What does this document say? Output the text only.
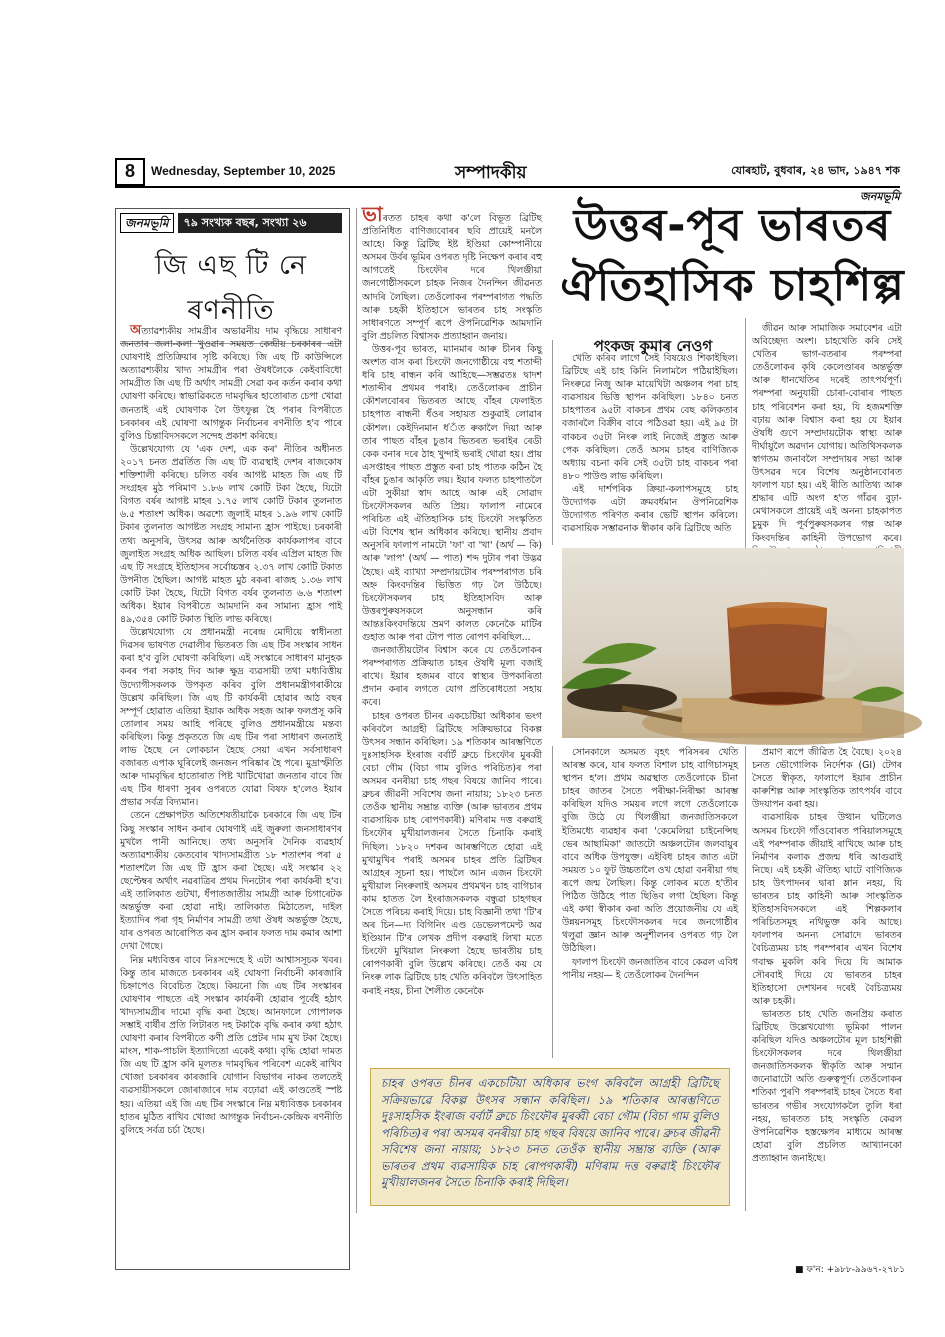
8	Wednesday, September 10, 2025	সম্পাদকীয়	যোৰহাট, বুধবাৰ, ২৪ ভাদ, ১৯৪৭ শক
জনমভূমি
জনমভূমি	৭৯ সংখ্যক বছৰ, সংখ্যা ২৬
জি এছ টি নে ৰণনীতি

অত্যাৱশ্যকীয় সামগ্ৰীৰ অভাৱনীয় দাম বৃদ্ধিয়ে সাধাৰণ জনতাৰ জলা-কলা খুওৱাৰ সময়ত কেন্দ্ৰীয় চৰকাৰৰ এটা ঘোষণাই প্ৰতিক্ৰিয়াৰ সৃষ্টি কৰিছে। জি এছ টি কাউন্সিলে অত্যাৱশ্যকীয় খাদ্য সামগ্ৰীৰ পৰা ঔষধলৈকে কেইবাবিধো সামগ্ৰীত জি এছ টি অৰ্থাৎ সামগ্ৰী সেৱা কৰ কৰ্তন কৰাৰ কথা ঘোষণা কৰিছে। স্বাভাৱিকতে দামবৃদ্ধিৰ হাতোৰাত চেপা খোৱা জনতাই এই ঘোষণাক লৈ উৎফুল্ল হৈ পৰাৰ বিপৰীতে চৰকাৰৰ এই ঘোষণা আগন্তুক নিৰ্বাচনৰ ৰণনীতি হ'ব পাৰে বুলিও চিন্তাবিদসকলে সন্দেহ প্ৰকাশ কৰিছে।

উল্লেখযোগ্য যে 'এক দেশ, এক কৰ' নীতিৰ অধীনত ২০১৭ চনত প্ৰৱৰ্তিত জি এছ টি ব্যৱস্থাই দেশৰ ৰাজকোষ শক্তিশালী কৰিছে। চলিত বৰ্ষৰ আগষ্ট মাহত জি এছ টি সংগ্ৰহৰ মুঠ পৰিমাণ ১.৮৬ লাখ কোটি টকা হৈছে, যিটো বিগত বৰ্ষৰ আগষ্ট মাহৰ ১.৭৫ লাখ কোটি টকাৰ তুলনাত ৬.৫ শতাংশ অধিক। অৱশ্যে জুলাই মাহৰ ১.৯৬ লাখ কোটি টকাৰ তুলনাত আগষ্টত সংগ্ৰহ সামান্য হ্ৰাস পাইছে। চৰকাৰী তথ্য অনুসৰি, উৎসৱ আৰু অৰ্থনৈতিক কাৰ্যকলাপৰ বাবে জুলাইত সংগ্ৰহ অধিক আছিল। চলিত বৰ্ষৰ এপ্ৰিল মাহত জি এছ টি সংগ্ৰহে ইতিহাসৰ সৰ্বোচ্চস্তৰ ২.৩৭ লাখ কোটি টকাত উপনীত হৈছিল। আগষ্ট মাহত মুঠ ৰকৰা ৰাজহ ১.৩৬ লাখ কোটি টকা হৈছে, যিটো বিগত বৰ্ষৰ তুলনাত ৬.৬ শতাংশ অধিক। ইয়াৰ বিপৰীতে আমদানি কৰ সামান্য হ্ৰাস পাই ৪৯,৩৫৪ কোটি টকাত স্থিতি লাভ কৰিছে।

উল্লেখযোগ্য যে প্ৰধানমন্ত্ৰী নৰেন্দ্ৰ মোদীয়ে স্বাধীনতা দিৱসৰ ভাষণত দেৱালীৰ ভিতৰত জি এছ টিৰ সংস্কাৰ সাধন কৰা হ'ব বুলি ঘোষণা কৰিছিল। এই সংস্কাৰে সাধাৰণ মানুহক কৰৰ পৰা সকাহ দিব আৰু ক্ষুদ্ৰ ব্যৱসায়ী তথা মধ্যবিত্তীয় উদ্যোগীসকলক উপকৃত কৰিব বুলি প্ৰধানমন্ত্ৰীগৰাকীয়ে উল্লেখ কৰিছিল। জি এছ টি কাৰ্যকৰী হোৱাৰ আঠ বছৰ সম্পূৰ্ণ হোৱাত এতিয়া ইয়াক অধিক সহজ আৰু ফলপ্ৰসূ কৰি তোলাৰ সময় আহি পৰিছে বুলিও প্ৰধানমন্ত্ৰীয়ে মন্তব্য কৰিছিল। কিন্তু প্ৰকৃততে জি এছ টিৰ পৰা সাধাৰণ জনতাই লাভ হৈছে নে লোকচান হৈছে সেয়া এখন সৰ্বসাধাৰণ বজাৰত এপাক ঘূৰিলেই জনজন পৰিষ্কাৰ হৈ পৰে। মুদ্ৰাস্ফীতি আৰু দামবৃদ্ধিৰ হাতোৰাত পিষ্ট খাটিখোৱা জনতাৰ বাবে জি এছ টিৰ ধাৰণা সুৰৰ ওপৰতে যোৱা বিষফ হ'লেও ইয়াৰ প্ৰভাৱ সৰ্বত্ৰ বিদ্যমান।

তেনে প্ৰেক্ষাপটত অতিশেষতীয়াকৈ চৰকাৰে জি এছ টিৰ কিছু সংস্কাৰ সাধন কৰাৰ ঘোষণাই এই জুৰুলা জনসাধাৰণৰ মুখলৈ পানী আনিছে। তথ্য অনুসৰি দৈনিক ব্যৱহাৰ্য অত্যাৱশ্যকীয় কেতবোৰ খাদ্যসামগ্ৰীত ১৮ শতাংশৰ পৰা ৫ শতাংশলৈ জি এছ টি হ্ৰাস কৰা হৈছে। এই সংস্কাৰ ২২ ছেপ্টেম্বৰ অৰ্থাৎ নৱৰাত্ৰিৰ প্ৰথম দিনটোৰ পৰা কাৰ্যকৰী হ'ব। এই তালিকাত গুটখা, ধঁপাতজাতীয় সামগ্ৰী আৰু চিগাৰেটক অন্তৰ্ভুক্ত কৰা হোৱা নাই। তালিকাত মিঠাতেল, দাইল ইত্যাদিৰ পৰা গৃহ নিৰ্মাণৰ সামগ্ৰী তথা ঔষধ অন্তৰ্ভুক্ত হৈছে, যাৰ ওপৰত আৰোপিত কৰ হ্ৰাস কৰাৰ ফলত দাম কমাৰ আশা দেখা গৈছে।

নিম্ন মধ্যবিত্তৰ বাবে নিঃসন্দেহে ই এটা আশ্বাসসূচক খবৰ। কিন্তু তাৰ মাজতে চৰকাৰৰ এই ঘোষণা নিৰ্বাচনী কাৰজাৰি চিহ্নাপেও বিবেচিত হৈছে। কিয়নো জি এছ টিৰ সংস্কাৰৰ ঘোষণাৰ পাছতে এই সংস্কাৰ কাৰ্যকৰী হোৱাৰ পূৰ্বেই হঠাৎ খাদ্যসামগ্ৰীৰ দামো বৃদ্ধি কৰা হৈছে। আনফালে গোপালক সম্ভাই বাৰ্ষীৰ প্ৰতি লিটাৰত দহ টকাকৈ বৃদ্ধি কৰাৰ কথা হঠাৎ ঘোষণা কৰাৰ বিপৰীতে কণী প্ৰতি প্ৰেটৰ দাম মুখ টকা হৈছে। মাংস, শাক-পাচলি ইত্যাদিতো একেই কথা। বৃদ্ধি হোৱা দামত জি এছ টি হ্ৰাস কৰি মূলতঃ দামবৃদ্ধিৰ পৰিবেশ একেই ৰাখিব খোজা চৰকাৰৰ কাৰজাৰি যোগান বিভাগৰ নাকৰ তলতেই ব্যৱসায়ীসকলে জোৰাজাৰে দাম বঢ়োৱা এই কাণ্ডতেই স্পষ্ট হয়। এতিয়া এই জি এছ টিৰ সংস্কাৰে নিম্ন মধ্যবিত্তক চৰকাৰৰ হাতৰ মুঠিত ৰাখিব খোজা আগন্তুক নিৰ্বাচন-কেন্দ্ৰিক ৰণনীতি বুলিহে সৰ্বত্ৰ চৰ্চা হৈছে।

উত্তৰ-পূব ভাৰতৰ
ঐতিহাসিক চাহশিল্প
পংকজ কুমাৰ নেওগ

ভাৰতত চাহৰ কথা ক'লে বিভূত ব্ৰিটিছ প্ৰতিনিধিত বাণিজ্যবোৰৰ ছবি প্ৰায়েই মনলৈ আহে। কিন্তু ব্ৰিটিছ ইষ্ট ইণ্ডিয়া কোম্পানীয়ে অসমৰ উৰ্বৰ ভূমিৰ ওপৰত দৃষ্টি নিক্ষেপ কৰাৰ বহু আগতেই চিংফৌৰ দৰে থিলঞ্জীয়া জনগোষ্ঠীসকলে চাহক নিজৰ দৈনন্দিন জীৱনত আদৰি লৈছিল। তেওঁলোকৰ পৰম্পৰাগত পদ্ধতি আৰু চহকী ইতিহাসে ভাৰতৰ চাহ সংস্কৃতি সাধাৰণতে সম্পূৰ্ণ ৰূপে ঔপনিৱেশিক আমদানি বুলি প্ৰচলিত বিশ্বাসক প্ৰত্যাহ্বান জনায়।

উত্তৰ-পূব ভাৰত, ম্যানমাৰ আৰু চীনৰ কিছু অংশত বাস কৰা চিংফৌ জনগোষ্ঠীয়ে বহু শতাব্দী ধৰি চাহ ৰান্ধন কৰি আহিছে—সম্ভৱতঃ দ্বাদশ শতাব্দীৰ প্ৰথমৰ পৰাই। তেওঁলোকৰ প্ৰাচীন কৌশলবোৰৰ ভিতৰত আছে বাঁহৰ ফেলাইত চাহপাত ৰান্ধনী ধঁওৰ সহায়ত শুকুৱাই লোৱাৰ কৌশল। কেইদিনমান ধ'ঁত ৰুকালৈ দিয়া আৰু তাৰ পাছত বাঁহৰ চুঙাৰ ভিতৰত ভৰাইৰ ৰেডী কেক বনাৰ দৰে ঠাহ খুন্দাই ভৰাই থোৱা হয়। প্ৰায় এসপ্তাহৰ পাছত প্ৰস্তুত কৰা চাহ পাতক কঠিন হৈ বাঁহৰ চুঙাৰ আকৃতি লয়। ইয়াৰ ফলত চাহপাতলৈ এটা সুকীয়া স্বাদ আহে আৰু এই সোৱাদ চিংফৌসকলৰ অতি প্ৰিয়। ফালাপ নামেৰে পৰিচিত এই ঐতিহাসিক চাহ চিংফৌ সংস্কৃতিত এটা বিশেষ স্থান অধিকাৰ কৰিছে। স্থানীয় প্ৰবাদ অনুসৰি ফালাপ নামটো 'ফা' বা 'খা' (অৰ্থ — কি) আৰু 'লাপ' (অৰ্থ — পাত) শব্দ দুটাৰ পৰা উদ্ভৱ হৈছে। এই ব্যাখ্যা সম্প্ৰদায়টোৰ পৰম্পৰাগত চৰি অহ্ন কিংবদন্তিৰ ভিত্তিত গঢ় লৈ উঠিছে। চিংফৌসকলৰ চাহ ইতিহাসবিদ আৰু উত্তৰপুৰুষসকলে অনুসন্ধান কৰি আন্তঃকিংবদন্তিয়ে ভ্ৰমণ কালত কেনেকৈ মাটিৰ গুহাত আৰু পৰা টোপ পাত ৰোপণ কৰিছিল...

জনজাতীয়টোৰ বিশ্বাস কৰে যে তেওঁলোকৰ পৰম্পৰাগত প্ৰক্ৰিয়াত চাহৰ ঔষধি মূল্য বজাই ৰাখে। ইয়াৰ হজমৰ বাবে স্বাস্থ্যৰ উপকাৰিতা প্ৰদান কৰাৰ লগতে যোগ প্ৰতিৰোধতো সহায় কৰে।

চাহৰ ওপৰত চীনৰ একচেটিয়া অধিকাৰ ভংগ কৰিবলৈ আগ্ৰহী ব্ৰিটিছে সক্ৰিয়ভাৱে বিকল্প উৎসৰ সন্ধান কৰিছিল। ১৯ শতিকাৰ আৰম্ভণিতে দুঃসাহসিক ইংৰাজ বৰ্বাৰ্ট ব্ৰুচে চিংফৌৰ মুৰব্বী বেচা গৌম (বিচা গাম বুলিও পৰিচিত)ৰ পৰা অসমৰ বনৰীয়া চাহ গছৰ বিষয়ে জানিব পাৰে। ব্ৰুচৰ জীৱনী সবিশেষ জনা নায়ায়; ১৮২৩ চনত তেওঁক স্থানীয় সম্ভ্ৰান্ত ব্যক্তি (আৰু ভাৰতৰ প্ৰথম ব্যৱসায়িক চাহ ৰোপণকাৰী) মণিৰাম দত্ত বৰুৱাই চিংফৌৰ মুখীয়ালজনৰ সৈতে চিনাকি কৰাই দিছিল। ১৮২০ দশকৰ আৰম্ভণিতে হোৱা এই মুখামুখিৰ পৰাই অসমৰ চাহৰ প্ৰতি ব্ৰিটিছৰ আগ্ৰহৰ সূচনা হয়। পাছলৈ আন এজন চিংফৌ মুখীয়াল নিংৰুলাই অসমৰ প্ৰথমখন চাহ বাগিচাৰ কাম হাতত লৈ ইংৰাজসকলক বন্ধুৱা চাহগছৰ সৈতে পৰিচয় কৰাই দিয়ে। চাহ বিজ্ঞানী তথা 'টি'ৰ অৰ চিন—দ্য বিগিনিং এণ্ড ডেভেলপমেণ্ট অৱ ইণ্ডিয়ান টি'ৰ লেখক প্ৰদীপ বৰুৱাই লিখা মতে চিংফৌ মুখিয়াল নিংৰুলা হৈছে ভাৰতীয় চাহ ৰোপণকাৰী বুলি উল্লেখ কৰিছে। তেওঁ কয় যে নিংৰু লাক ব্ৰিটিছে চাহ খেতি কৰিবলৈ উৎসাহিত কৰাই নহয়, চীনা শৈলীত কেনেকৈ

খেতি কৰিব লাগে সেই বিষয়েও শিকাইছিল। ব্ৰিটিছে এই চাহ কিনি নিলামলৈ পঠিয়াইছিল। নিংৰুৱে নিজু আৰু মায়েখিটা অঞ্চলৰ পৰা চাহ ব্যৱসায়ৰ ভিত্তি স্থাপন কৰিছিল। ১৮৪০ চনত চাহপাতৰ ৯৫টা বাকচৰ প্ৰথম বেছ কলিকতাৰ বজাৰলৈ বিক্ৰীৰ বাবে পঠিওৱা হয়। এই ৯৫ টা বাকচৰ ৩৫টা নিংৰু লাই নিজেই প্ৰস্তুত আৰু পেক কৰিছিল। তেওঁ অসম চাহৰ বাণিজ্যিক অধ্যায় বচনা কৰি সেই ৩৫টা চাহ বাকচৰ পৰা ৪৮০ পাউণ্ড লাভ কৰিছিল।

এই দাৰ্শপৰিক ক্ৰিয়া-কলাপসমূহে চাহ উদ্যোগক এটা ক্ৰমবৰ্ধমান ঔপনিৱেশিক উদ্যোগত পৰিণত কৰাৰ ভেটি স্থাপন কৰিলে। ব্যৱসায়িক সম্ভাৱনাক স্বীকাৰ কৰি ব্ৰিটিছে অতি

জীৱন আৰু সামাজিক সমাবেশৰ এটা অবিচ্ছেদ্য অংশ। চাহখেতি কৰি সেই খেতিৰ ভাগ-বতৰাৰ পৰম্পৰা তেওঁলোকৰ কৃষি কেলেণ্ডাৰৰ অন্তৰ্ভুক্ত আৰু ধানখেতিৰ দৰেই তাৎপৰ্যপূৰ্ণ। পৰম্পৰা অনুযায়ী চোৰা-বোৰাৰ পাছত চাহ পৰিবেশন কৰা হয়, যি হজমশক্তি বঢ়ায় আৰু বিশ্বাস কৰা হয় যে ইয়াৰ ঔষধি গুণে সম্প্ৰদায়টোক স্বাস্থ্য আৰু দীৰ্ঘায়ুলৈ অৱদান যোগায়। অতিথিসকলক স্বাগতম জনাবলৈ সম্প্ৰদায়ৰ সভা আৰু উৎসৱৰ দৰে বিশেষ অনুষ্ঠানবোৰত ফালাপ যচা হয়। এই ৰীতি আতিথ্য আৰু শ্ৰদ্ধাৰ এটি অংগ হ'ত গাঁৱৰ বুঢ়া-মেথাসকলে প্ৰায়েই এই অনন্য চাহকাপত চুমুক দি পূৰ্বপুৰুষসকলৰ গল্প আৰু কিংবদন্তিৰ কাহিনী উপভোগ কৰে।

সোনকালে অসমত বৃহৎ পৰিসৰৰ খেতি আৰম্ভ কৰে, যাৰ ফলত বিশাল চাহ বাগিচাসমূহ স্থাপন হ'ল। প্ৰথম অৱস্থাত তেওঁলোকে চীনা চাহৰ জাতৰ সৈতে পৰীক্ষা-নিৰীক্ষা আৰম্ভ কৰিছিল যদিও সময়ৰ লগে লগে তেওঁলোকে বুজি উঠে যে থিলঞ্জীয়া জনজাতিসকলে ইতিমধ্যে ব্যৱহাৰ কৰা 'কেমেলিয়া চাইনেন্সিছ ভেৰ আছামিকা' জাতটো অঞ্চলটোৰ জলবায়ুৰ বাবে অধিক উপযুক্ত। এইবিধ চাহৰ জাত এটা সময়ত ১০ ফুট উচ্চতালৈ ওখ হোৱা বনৰীয়া গছ ৰূপে জন্ম লৈছিল। কিন্তু লোকৰ মতে হ'তীৰ পিঠিত উঠিহে পাত ছিঙিব লগা হৈছিল। কিন্তু এই কথা স্বীকাৰ কৰা অতি প্ৰয়োজনীয় যে এই উন্নয়নসমূহ চিংফৌসকলৰ দৰে জনগোষ্ঠীৰ থলুৱা জ্ঞান আৰু অনুশীলনৰ ওপৰত গঢ় লৈ উঠিছিল।

ফালাপ চিংফৌ জনজাতিৰ বাবে কেৱল এবিধ পানীয় নহয়— ই তেওঁলোকৰ দৈনন্দিন

প্ৰমাণ ৰূপে জীৱিত হৈ বৈছে। ২০২৪ চনত ভৌগোলিক নিৰ্দেশক (GI) টেগৰ সৈতে স্বীকৃত, ফালাপে ইয়াৰ প্ৰাচীন কাৰুশিল্প আৰু সাংস্কৃতিক তাৎপৰ্যৰ বাবে উদযাপন কৰা হয়।

ব্যৱসায়িক চাহৰ উত্থান ঘটিলেও অসমৰ চিংফৌ গাঁওবোৰত পৰিয়ালসমূহে এই পৰম্পৰাক জীয়াই ৰাখিছে আৰু চাহ নিৰ্মাণৰ কলাক প্ৰজন্ম ধৰি আগুৱাই নিছে। এই চহকী ঐতিহ্য ঘাটে বাণিজ্যিক চাহ উৎপাদনৰ দ্বাৰা ম্লান নহয়, যি ভাৰতৰ চাহ কাহিনী আৰু সাংস্কৃতিক ইতিহাসবিদসকলে এই শিল্পকলাৰ পৰিচিতসমূহ নথিভুক্ত কৰি আছে। ফালাপৰ অনন্য সোৱাদে ভাৰতৰ বৈচিত্ৰ্যময় চাহ পৰম্পৰাৰ এখন বিশেষ গবাক্ষ মুকলি কৰি দিয়ে যি আমাক সৌৰবাই দিয়ে যে ভাৰতৰ চাহৰ ইতিহাসো দেশখনৰ দৰেই বৈচিত্ৰ্যময় আৰু চহকী।

ভাৰতত চাহ খেতি জনপ্ৰিয় কৰাত ব্ৰিটিছে উল্লেখযোগ্য ভূমিকা পালন কৰিছিল যদিও অঞ্চলটোৰ মূল চাহশিল্পী চিংফৌসকলৰ দৰে থিলঞ্জীয়া জনজাতিসকলক স্বীকৃতি আৰু সন্মান জনোৱাটো অতি গুৰুত্বপূৰ্ণ। তেওঁলোকৰ শতিকা পুৰণি পৰম্পৰাই চাহৰ সৈতে ধৰা ভাৰতৰ গভীৰ সংযোগকলৈ তুলি ধৰা নহয়, ভাৰতত চাহ সংস্কৃতি কেৱল ঔপনিৱেশিক হস্তক্ষেপৰ মাধ্যমে আৰম্ভ হোৱা বুলি প্ৰচলিত আখ্যানকো প্ৰত্যাহ্বান জনাইছে।

চাহৰ ওপৰত চীনৰ একচেটিয়া অধিকাৰ ভংগ কৰিবলৈ আগ্ৰহী ব্ৰিটিছে সক্ৰিয়ভাৱে বিকল্প উৎসৰ সন্ধান কৰিছিল। ১৯ শতিকাৰ আৰম্ভণিতে দুঃসাহসিক ইংৰাজ বৰ্বাৰ্ট ব্ৰুচে চিংফৌৰ মুৰব্বী বেচা গৌম (বিচা গাম বুলিও পৰিচিত)ৰ পৰা অসমৰ বনৰীয়া চাহ গছৰ বিষয়ে জানিব পাৰে। ব্ৰুচৰ জীৱনী সবিশেষ জনা নায়ায়; ১৮২৩ চনত তেওঁক স্থানীয় সম্ভ্ৰান্ত ব্যক্তি (আৰু ভাৰতৰ প্ৰথম ব্যৱসায়িক চাহ ৰোপণকাৰী) মণিৰাম দত্ত বৰুৱাই চিংফৌৰ মুখীয়ালজনৰ সৈতে চিনাকি কৰাই দিছিল।
■ ফ'ন: +৯৮৮-৯৯৬৭-২৭৮১
